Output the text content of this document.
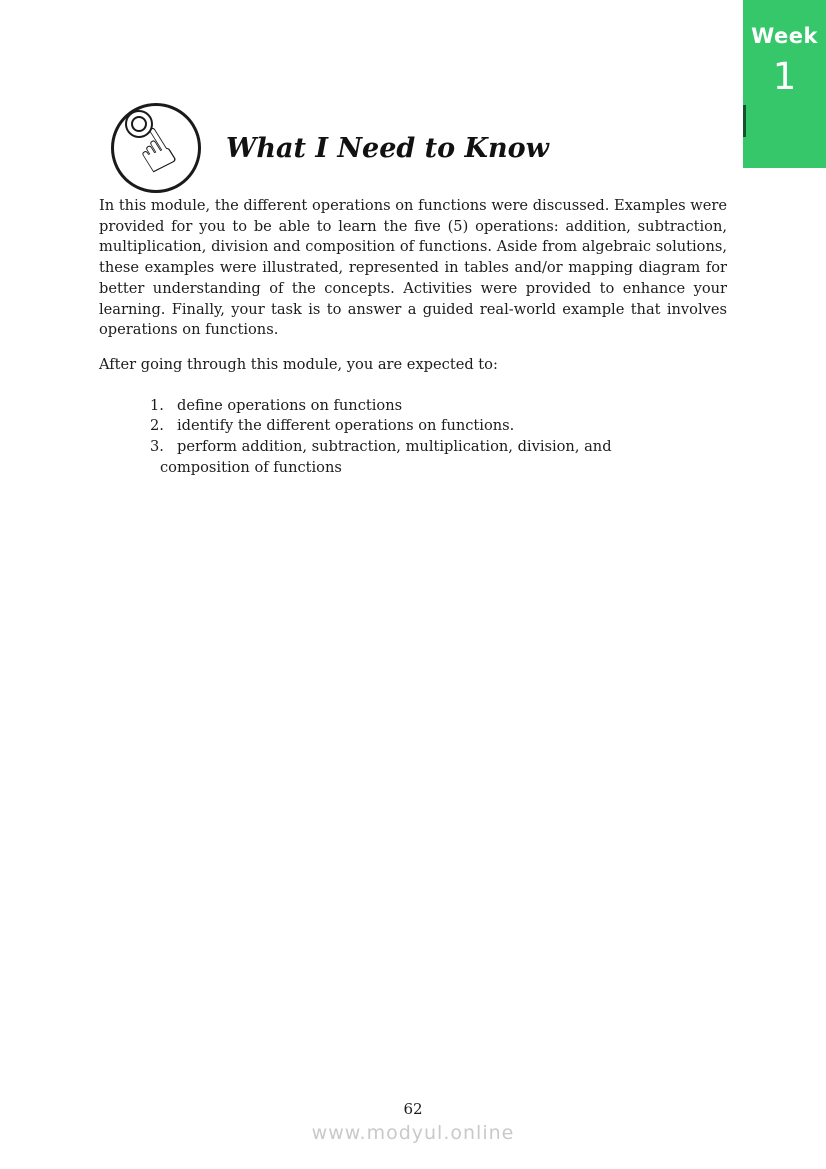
Week
1
☝ What I Need to Know

In this module, the different operations on functions were discussed. Examples were provided for you to be able to learn the five (5) operations: addition, subtraction, multiplication, division and composition of functions. Aside from algebraic solutions, these examples were illustrated, represented in tables and/or mapping diagram for better understanding of the concepts. Activities were provided to enhance your learning. Finally, your task is to answer a guided real-world example that involves operations on functions.

After going through this module, you are expected to:

1. define operations on functions
2. identify the different operations on functions.
3. perform addition, subtraction, multiplication, division, and
composition of functions
62
www.modyul.online
